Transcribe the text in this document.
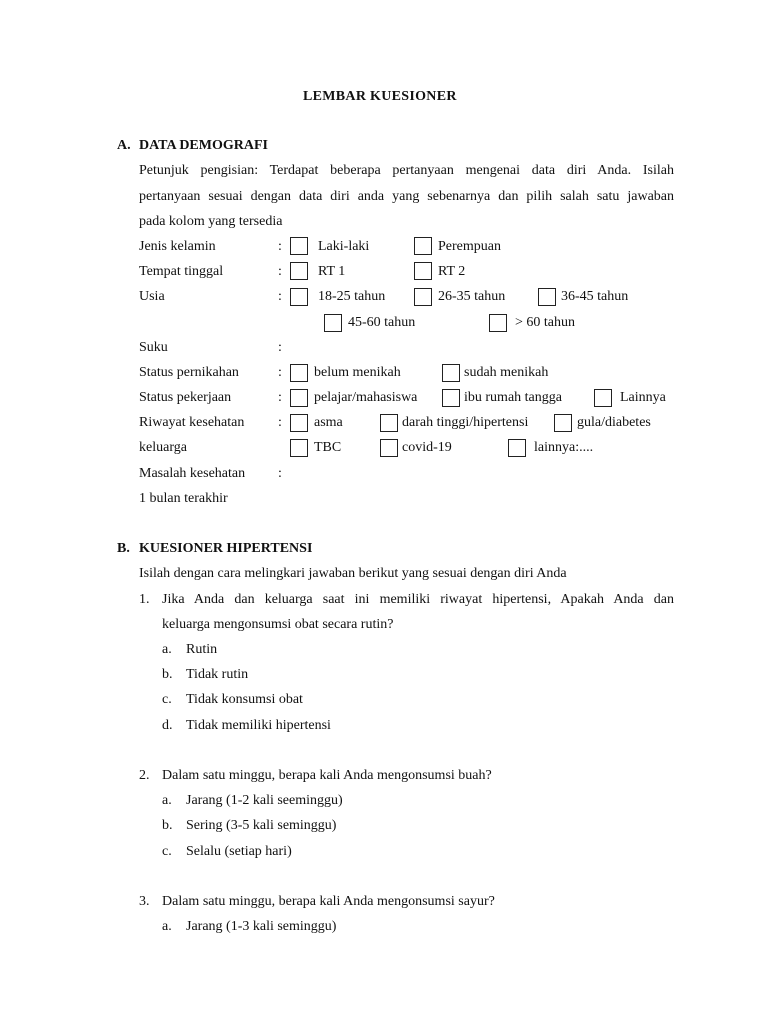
LEMBAR KUESIONER
A. DATA DEMOGRAFI
Petunjuk pengisian: Terdapat beberapa pertanyaan mengenai data diri Anda. Isilah
pertanyaan sesuai dengan data diri anda yang sebenarnya dan pilih salah satu jawaban
pada kolom yang tersedia
Jenis kelamin	:	Laki-laki	Perempuan
Tempat tinggal	:	RT 1	RT 2
Usia	:	18-25 tahun	26-35 tahun	36-45 tahun
45-60 tahun	> 60 tahun
Suku	:
Status pernikahan	: belum menikah	sudah menikah
Status pekerjaan	: pelajar/mahasiswa	ibu rumah tangga	Lainnya
Riwayat kesehatan : asma	darah tinggi/hipertensi	gula/diabetes
keluarga	TBC	covid-19	lainnya:....
Masalah kesehatan :
1 bulan terakhir
B. KUESIONER HIPERTENSI
Isilah dengan cara melingkari jawaban berikut yang sesuai dengan diri Anda
1. Jika Anda dan keluarga saat ini memiliki riwayat hipertensi, Apakah Anda dan
keluarga mengonsumsi obat secara rutin?
a. Rutin
b. Tidak rutin
c. Tidak konsumsi obat
d. Tidak memiliki hipertensi
2. Dalam satu minggu, berapa kali Anda mengonsumsi buah?
a. Jarang (1-2 kali seeminggu)
b. Sering (3-5 kali seminggu)
c. Selalu (setiap hari)
3. Dalam satu minggu, berapa kali Anda mengonsumsi sayur?
a. Jarang (1-3 kali seminggu)
